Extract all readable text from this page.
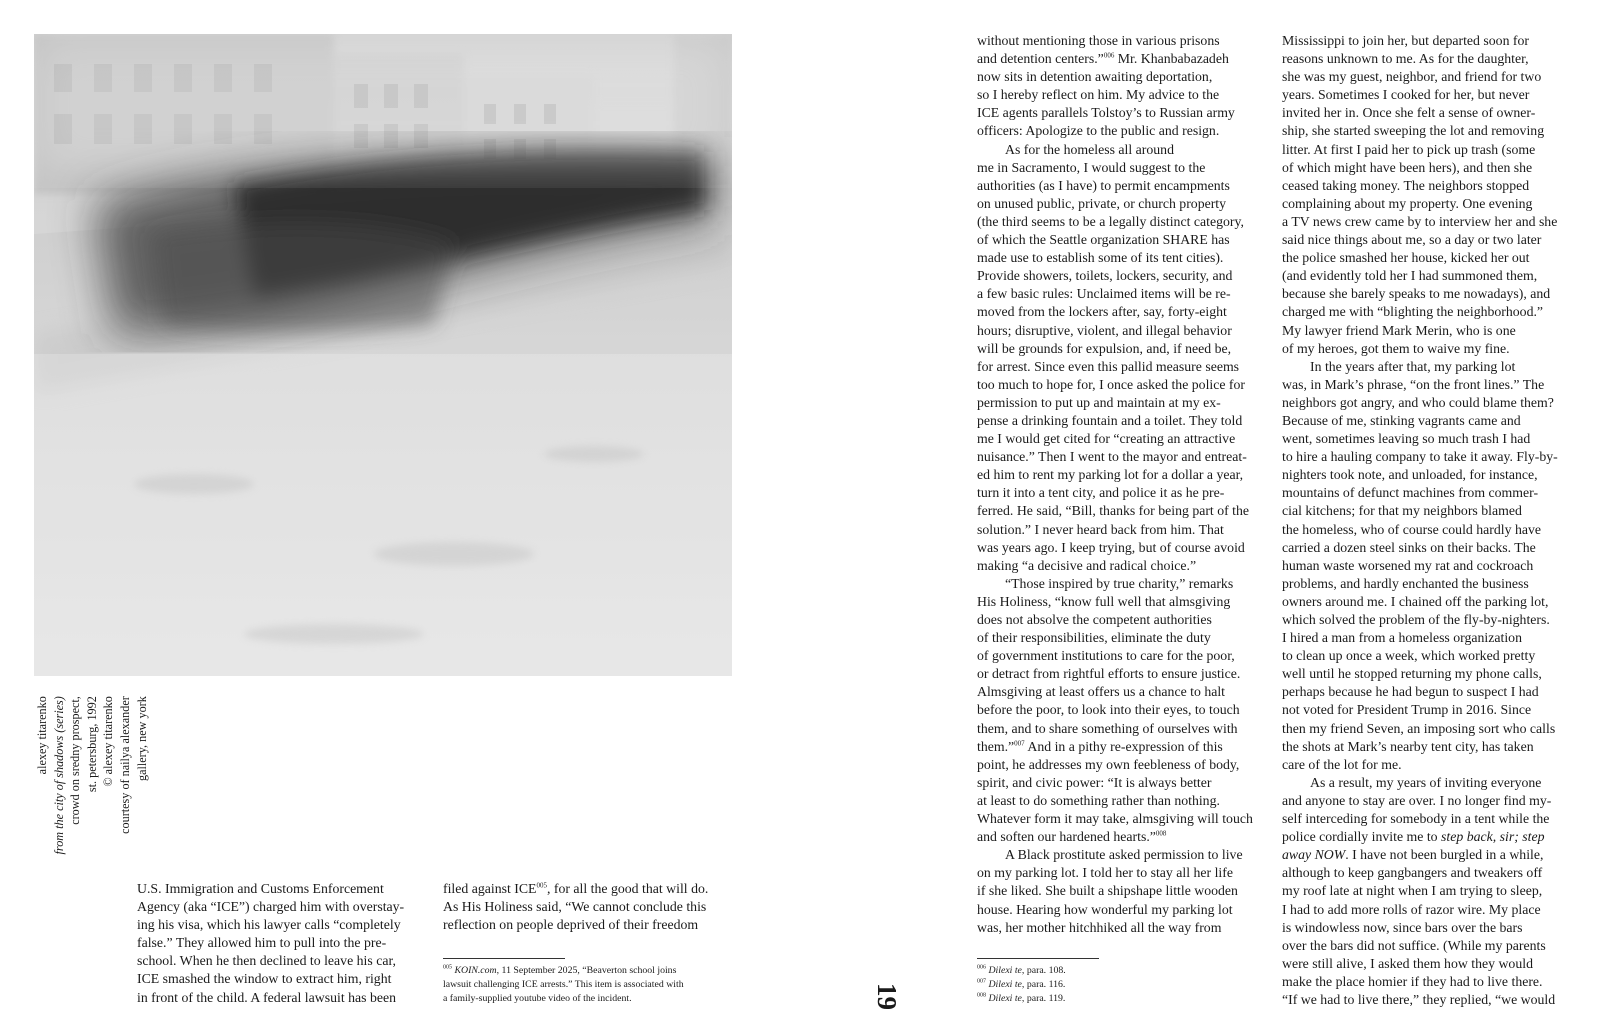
alexey titarenko from the city of shadows (series) crowd on sredny prospect, st. petersburg, 1992 © alexey titarenko courtesy of nailya alexander gallery, new york
U.S. Immigration and Customs Enforcement
Agency (aka “ICE”) charged him with overstay-
ing his visa, which his lawyer calls “completely
false.” They allowed him to pull into the pre-
school. When he then declined to leave his car,
ICE smashed the window to extract him, right
in front of the child. A federal lawsuit has been
filed against ICE$^{005}$, for all the good that will do.
As His Holiness said, “We cannot conclude this
reflection on people deprived of their freedom
$^{005}$ KOIN.com, 11 September 2025, “Beaverton school joins
lawsuit challenging ICE arrests.” This item is associated with
a family-supplied youtube video of the incident.	19
without mentioning those in various prisons
and detention centers.”$^{006}$ Mr. Khanbabazadeh
now sits in detention awaiting deportation,
so I hereby reflect on him. My advice to the
ICE agents parallels Tolstoy’s to Russian army
officers: Apologize to the public and resign.
As for the homeless all around
me in Sacramento, I would suggest to the
authorities (as I have) to permit encampments
on unused public, private, or church property
(the third seems to be a legally distinct category,
of which the Seattle organization SHARE has
made use to establish some of its tent cities).
Provide showers, toilets, lockers, security, and
a few basic rules: Unclaimed items will be re-
moved from the lockers after, say, forty-eight
hours; disruptive, violent, and illegal behavior
will be grounds for expulsion, and, if need be,
for arrest. Since even this pallid measure seems
too much to hope for, I once asked the police for
permission to put up and maintain at my ex-
pense a drinking fountain and a toilet. They told
me I would get cited for “creating an attractive
nuisance.” Then I went to the mayor and entreat-
ed him to rent my parking lot for a dollar a year,
turn it into a tent city, and police it as he pre-
ferred. He said, “Bill, thanks for being part of the
solution.” I never heard back from him. That
was years ago. I keep trying, but of course avoid
making “a decisive and radical choice.”
“Those inspired by true charity,” remarks
His Holiness, “know full well that almsgiving
does not absolve the competent authorities
of their responsibilities, eliminate the duty
of government institutions to care for the poor,
or detract from rightful efforts to ensure justice.
Almsgiving at least offers us a chance to halt
before the poor, to look into their eyes, to touch
them, and to share something of ourselves with
them.”$^{007}$ And in a pithy re-expression of this
point, he addresses my own feebleness of body,
spirit, and civic power: “It is always better
at least to do something rather than nothing.
Whatever form it may take, almsgiving will touch
and soften our hardened hearts.”$^{008}$
A Black prostitute asked permission to live
on my parking lot. I told her to stay all her life
if she liked. She built a shipshape little wooden
house. Hearing how wonderful my parking lot
was, her mother hitchhiked all the way from
Mississippi to join her, but departed soon for
reasons unknown to me. As for the daughter,
she was my guest, neighbor, and friend for two
years. Sometimes I cooked for her, but never
invited her in. Once she felt a sense of owner-
ship, she started sweeping the lot and removing
litter. At first I paid her to pick up trash (some
of which might have been hers), and then she
ceased taking money. The neighbors stopped
complaining about my property. One evening
a TV news crew came by to interview her and she
said nice things about me, so a day or two later
the police smashed her house, kicked her out
(and evidently told her I had summoned them,
because she barely speaks to me nowadays), and
charged me with “blighting the neighborhood.”
My lawyer friend Mark Merin, who is one
of my heroes, got them to waive my fine.
In the years after that, my parking lot
was, in Mark’s phrase, “on the front lines.” The
neighbors got angry, and who could blame them?
Because of me, stinking vagrants came and
went, sometimes leaving so much trash I had
to hire a hauling company to take it away. Fly-by-
nighters took note, and unloaded, for instance,
mountains of defunct machines from commer-
cial kitchens; for that my neighbors blamed
the homeless, who of course could hardly have
carried a dozen steel sinks on their backs. The
human waste worsened my rat and cockroach
problems, and hardly enchanted the business
owners around me. I chained off the parking lot,
which solved the problem of the fly-by-nighters.
I hired a man from a homeless organization
to clean up once a week, which worked pretty
well until he stopped returning my phone calls,
perhaps because he had begun to suspect I had
not voted for President Trump in 2016. Since
then my friend Seven, an imposing sort who calls
the shots at Mark’s nearby tent city, has taken
care of the lot for me.
As a result, my years of inviting everyone
and anyone to stay are over. I no longer find my-
self interceding for somebody in a tent while the
police cordially invite me to step back, sir; step
away NOW. I have not been burgled in a while,
although to keep gangbangers and tweakers off
my roof late at night when I am trying to sleep,
I had to add more rolls of razor wire. My place
is windowless now, since bars over the bars
over the bars did not suffice. (While my parents
were still alive, I asked them how they would
make the place homier if they had to live there.
“If we had to live there,” they replied, “we would
$^{006}$ Dilexi te, para. 108.
$^{007}$ Dilexi te, para. 116.
$^{008}$ Dilexi te, para. 119.
